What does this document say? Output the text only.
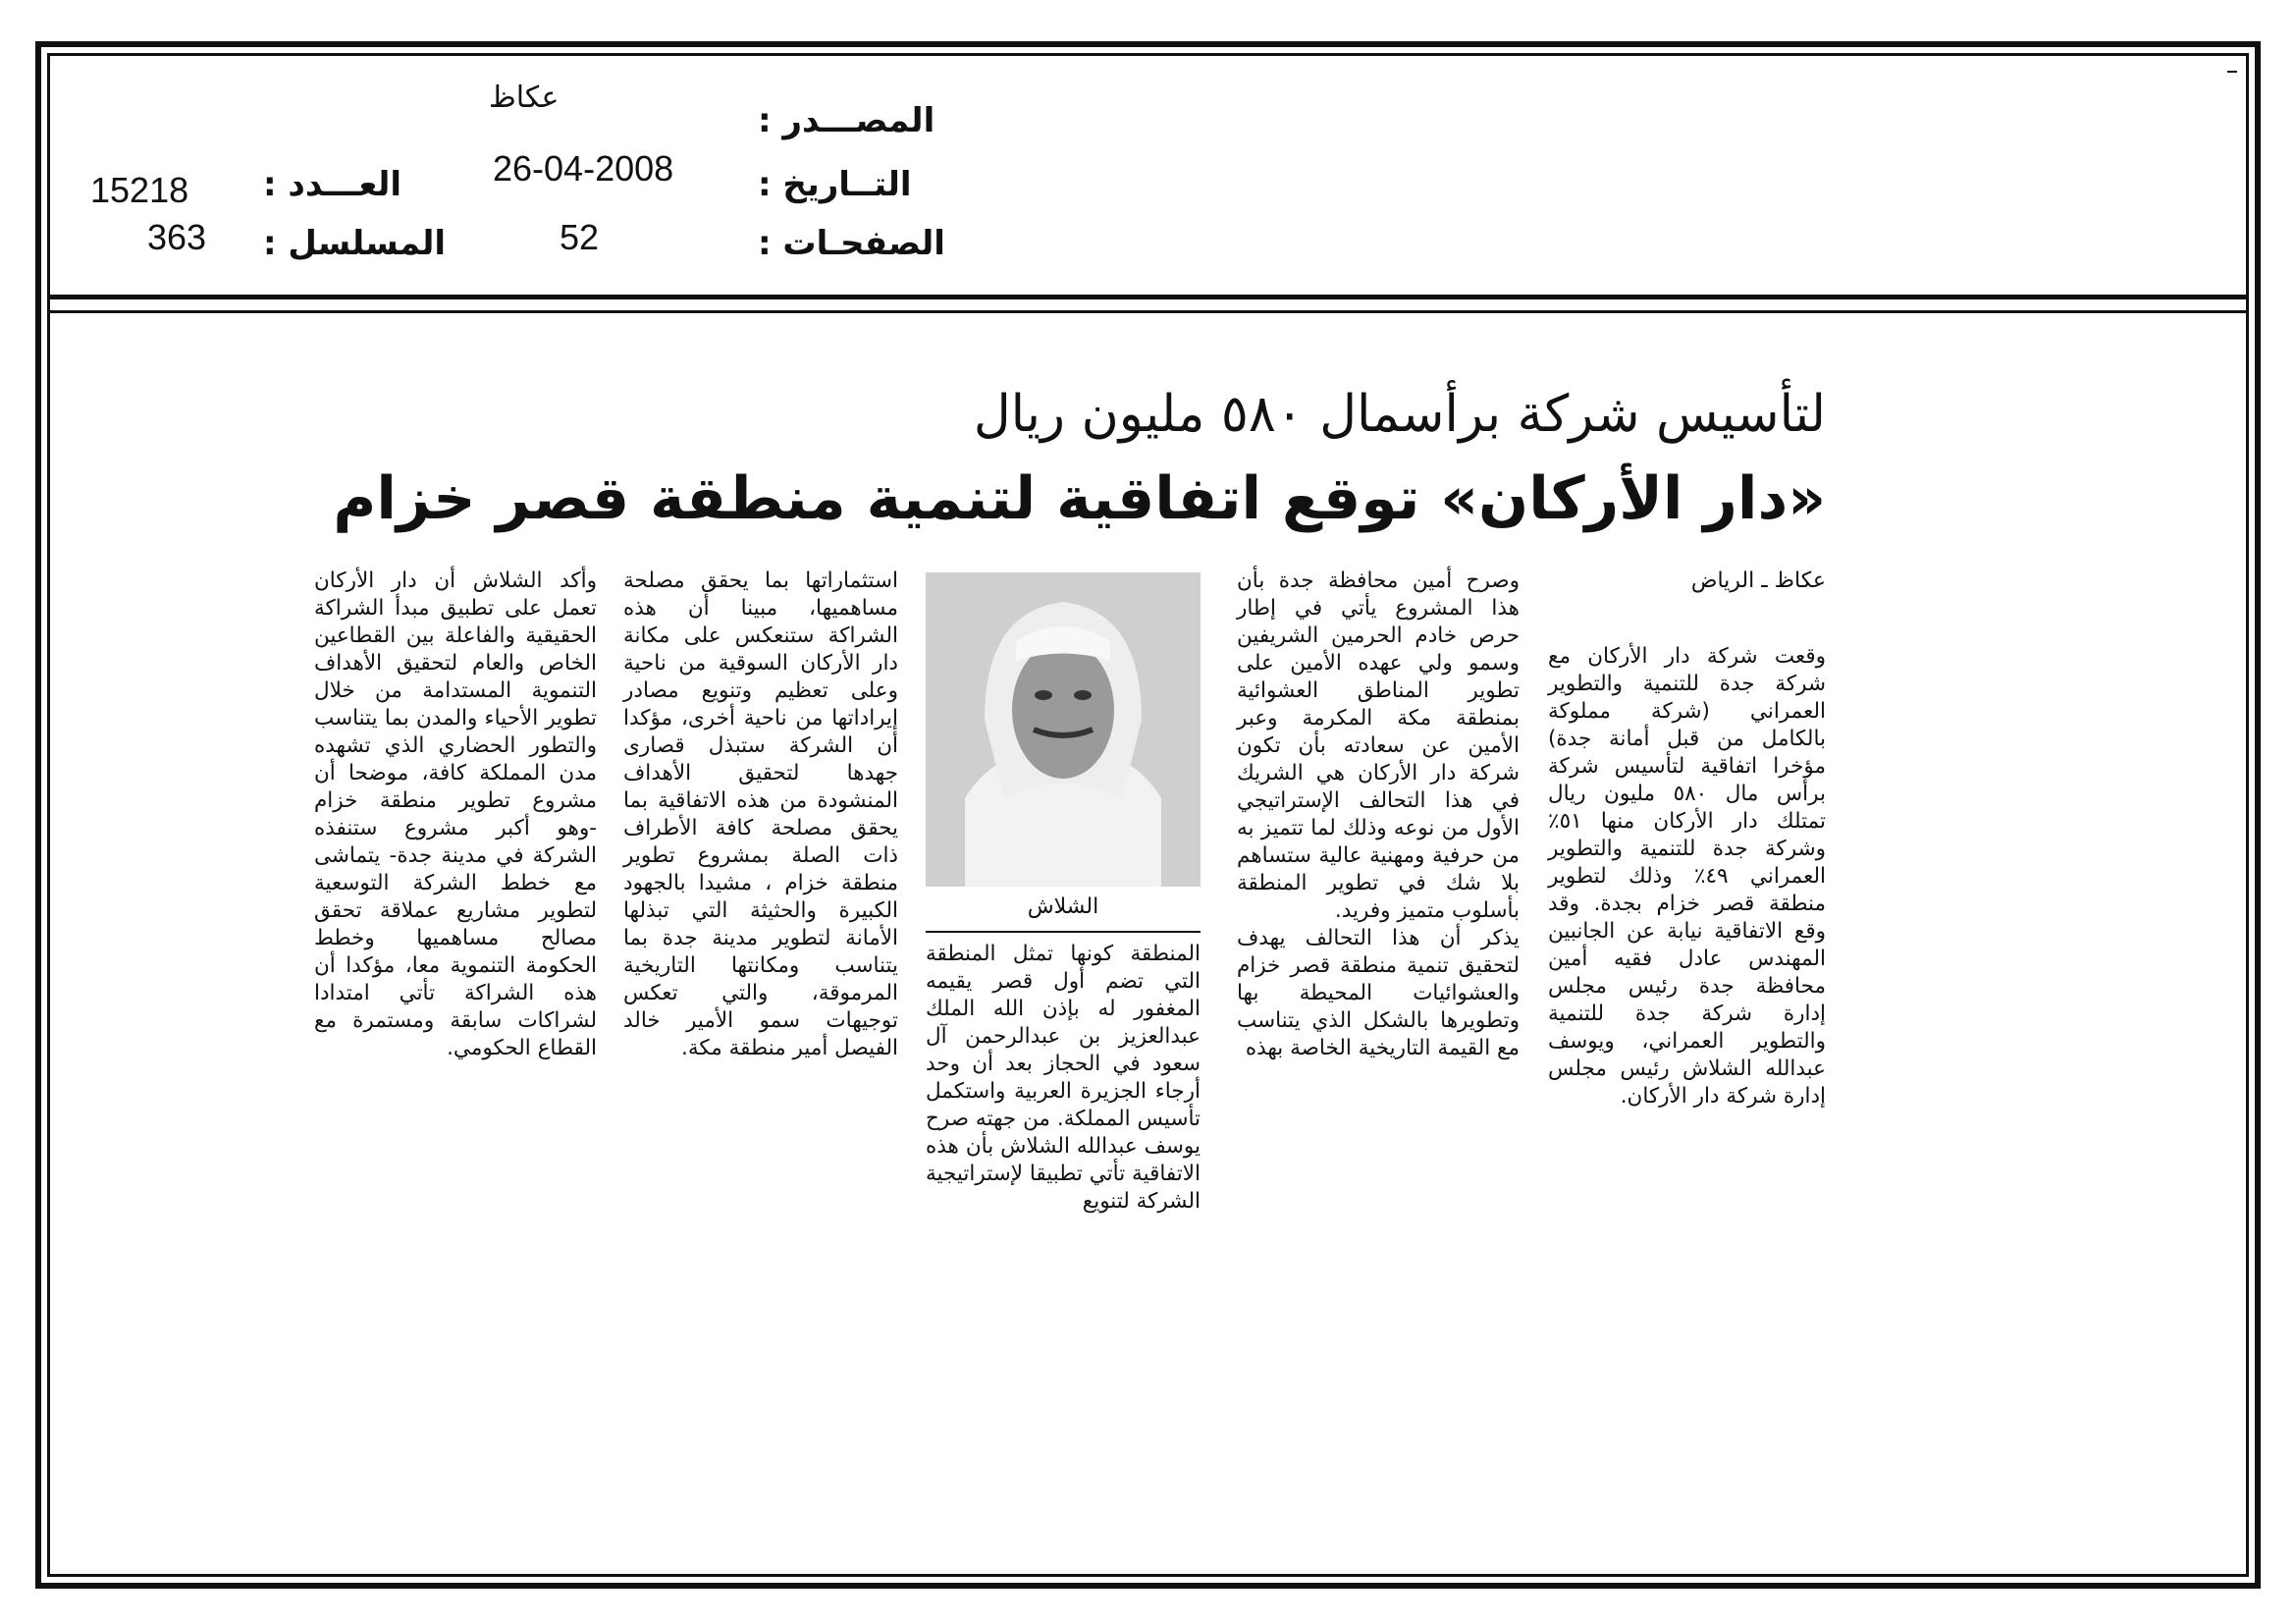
المصـــدر :
عكاظ
التــاريخ :
26-04-2008
الصفحـات :
52
العـــدد :
15218
المسلسل :
363
لتأسيس شركة برأسمال ٥٨٠ مليون ريال
«دار الأركان» توقع اتفاقية لتنمية منطقة قصر خزام
عكاظ ـ الرياض

وقعت شركة دار الأركان مع شركة جدة للتنمية والتطوير العمراني (شركة مملوكة بالكامل من قبل أمانة جدة) مؤخرا اتفاقية لتأسيس شركة برأس مال ٥٨٠ مليون ريال تمتلك دار الأركان منها ٥١٪ وشركة جدة للتنمية والتطوير العمراني ٤٩٪ وذلك لتطوير منطقة قصر خزام بجدة. وقد وقع الاتفاقية نيابة عن الجانبين المهندس عادل فقيه أمين محافظة جدة رئيس مجلس إدارة شركة جدة للتنمية والتطوير العمراني، ويوسف عبدالله الشلاش رئيس مجلس إدارة شركة دار الأركان.

وصرح أمين محافظة جدة بأن هذا المشروع يأتي في إطار حرص خادم الحرمين الشريفين وسمو ولي عهده الأمين على تطوير المناطق العشوائية بمنطقة مكة المكرمة وعبر الأمين عن سعادته بأن تكون شركة دار الأركان هي الشريك في هذا التحالف الإستراتيجي الأول من نوعه وذلك لما تتميز به من حرفية ومهنية عالية ستساهم بلا شك في تطوير المنطقة بأسلوب متميز وفريد.

يذكر أن هذا التحالف يهدف لتحقيق تنمية منطقة قصر خزام والعشوائيات المحيطة بها وتطويرها بالشكل الذي يتناسب مع القيمة التاريخية الخاصة بهذه

الشلاش

المنطقة كونها تمثل المنطقة التي تضم أول قصر يقيمه المغفور له بإذن الله الملك عبدالعزيز بن عبدالرحمن آل سعود في الحجاز بعد أن وحد أرجاء الجزيرة العربية واستكمل تأسيس المملكة. من جهته صرح يوسف عبدالله الشلاش بأن هذه الاتفاقية تأتي تطبيقا لإستراتيجية الشركة لتنويع

استثماراتها بما يحقق مصلحة مساهميها، مبينا أن هذه الشراكة ستنعكس على مكانة دار الأركان السوقية من ناحية وعلى تعظيم وتنويع مصادر إيراداتها من ناحية أخرى، مؤكدا أن الشركة ستبذل قصارى جهدها لتحقيق الأهداف المنشودة من هذه الاتفاقية بما يحقق مصلحة كافة الأطراف ذات الصلة بمشروع تطوير منطقة خزام ، مشيدا بالجهود الكبيرة والحثيثة التي تبذلها الأمانة لتطوير مدينة جدة بما يتناسب ومكانتها التاريخية المرموقة، والتي تعكس توجيهات سمو الأمير خالد الفيصل أمير منطقة مكة.

وأكد الشلاش أن دار الأركان تعمل على تطبيق مبدأ الشراكة الحقيقية والفاعلة بين القطاعين الخاص والعام لتحقيق الأهداف التنموية المستدامة من خلال تطوير الأحياء والمدن بما يتناسب والتطور الحضاري الذي تشهده مدن المملكة كافة، موضحا أن مشروع تطوير منطقة خزام -وهو أكبر مشروع ستنفذه الشركة في مدينة جدة- يتماشى مع خطط الشركة التوسعية لتطوير مشاريع عملاقة تحقق مصالح مساهميها وخطط الحكومة التنموية معا، مؤكدا أن هذه الشراكة تأتي امتدادا لشراكات سابقة ومستمرة مع القطاع الحكومي.
